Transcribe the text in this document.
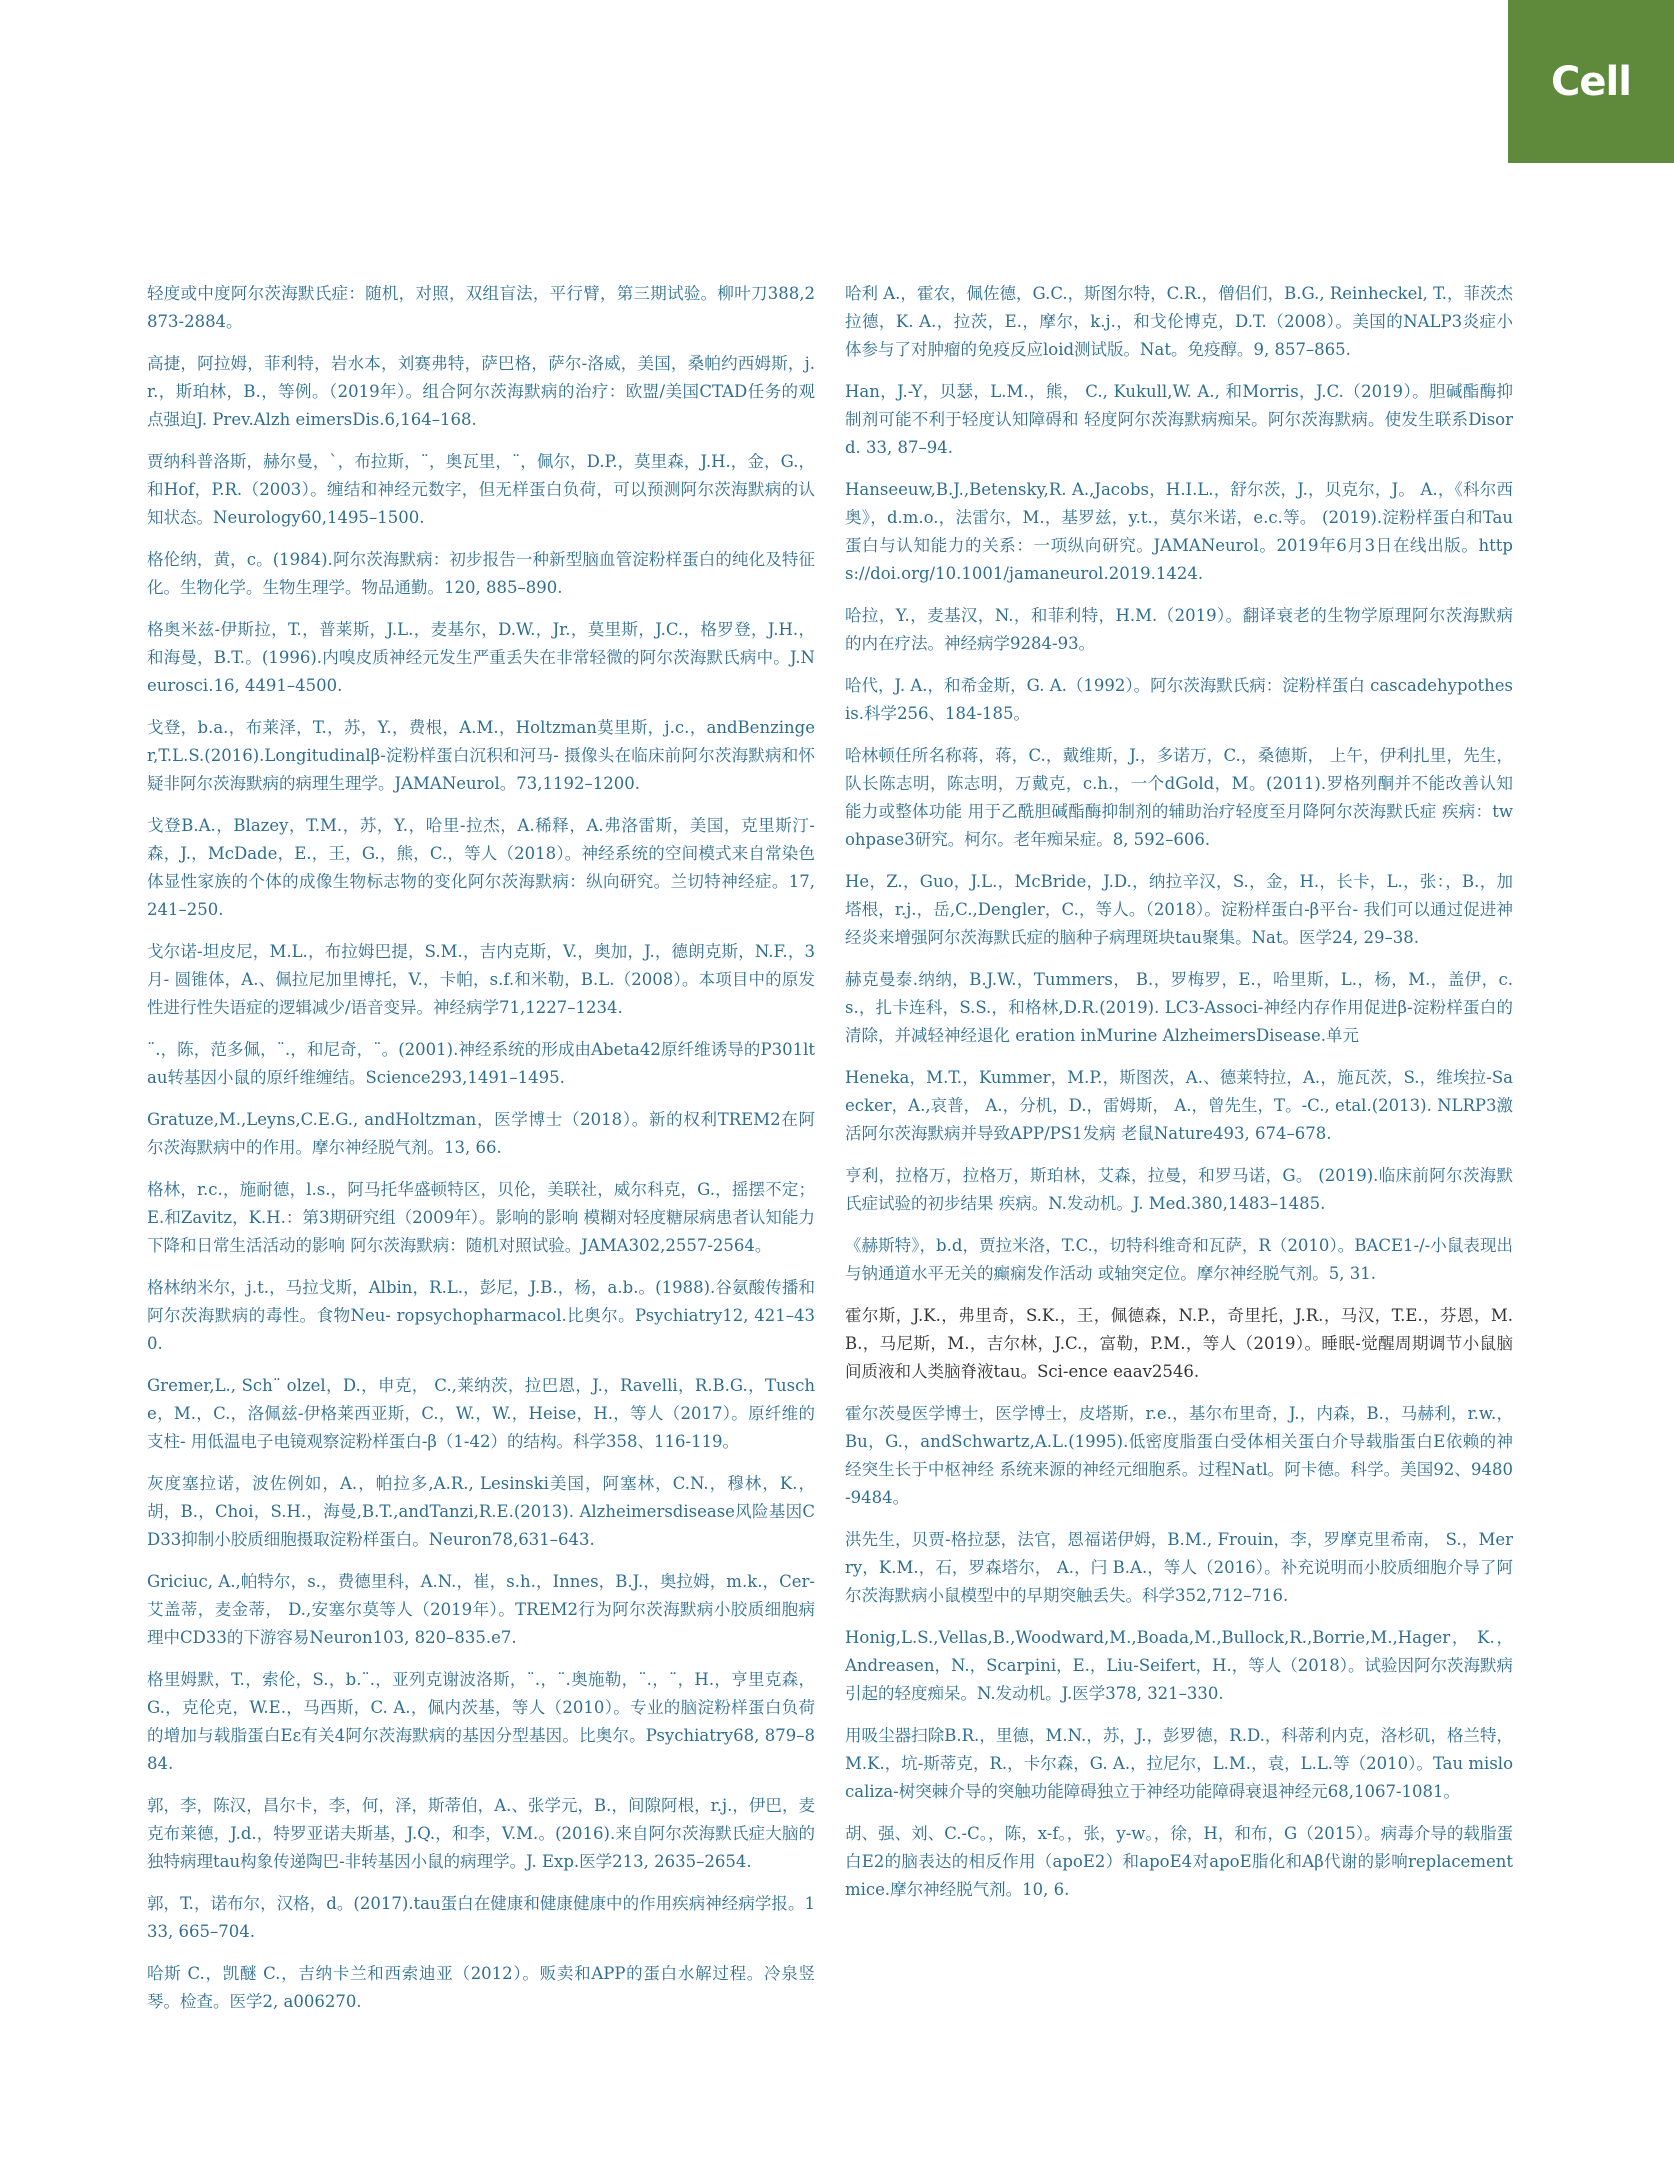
Cell

轻度或中度阿尔茨海默氏症：随机，对照，双组盲法，平行臂，第三期试验。柳叶刀388,2873-2884。

高捷，阿拉姆，菲利特，岩水本，刘赛弗特，萨巴格，萨尔-洛威，美国，桑帕约西姆斯，j.r.，斯珀林，B.，等例。（2019年）。组合阿尔茨海默病的治疗：欧盟/美国CTAD任务的观点强迫J. Prev.Alzh eimersDis.6,164–168.

贾纳科普洛斯，赫尔曼，ˋ，布拉斯，¨，奥瓦里，¨，佩尔，D.P.，莫里森，J.H.，金，G.，和Hof，P.R.（2003）。缠结和神经元数字，但无样蛋白负荷，可以预测阿尔茨海默病的认知状态。Neurology60,1495–1500.

格伦纳，黄，c。(1984).阿尔茨海默病：初步报告一种新型脑血管淀粉样蛋白的纯化及特征化。生物化学。生物生理学。物品通勤。120, 885–890.

格奥米兹-伊斯拉，T.，普莱斯，J.L.，麦基尔，D.W.，Jr.，莫里斯，J.C.，格罗登，J.H.，和海曼，B.T.。(1996).内嗅皮质神经元发生严重丢失在非常轻微的阿尔茨海默氏病中。J.Neurosci.16, 4491–4500.

戈登，b.a.，布莱泽，T.，苏，Y.，费根，A.M.，Holtzman莫里斯，j.c.，andBenzinger,T.L.S.(2016).Longitudinalβ-淀粉样蛋白沉积和河马- 摄像头在临床前阿尔茨海默病和怀疑非阿尔茨海默病的病理生理学。JAMANeurol。73,1192–1200.

戈登B.A.，Blazey，T.M.，苏，Y.，哈里-拉杰，A.稀释，A.弗洛雷斯，美国，克里斯汀-森，J.，McDade，E.，王，G.，熊，C.，等人（2018）。神经系统的空间模式来自常染色体显性家族的个体的成像生物标志物的变化阿尔茨海默病：纵向研究。兰切特神经症。17, 241–250.

戈尔诺-坦皮尼，M.L.，布拉姆巴提，S.M.，吉内克斯，V.，奥加，J.，德朗克斯，N.F.，3月- 圆锥体，A.、佩拉尼加里博托，V.，卡帕，s.f.和米勒，B.L.（2008）。本项目中的原发性进行性失语症的逻辑减少/语音变异。神经病学71,1227–1234.

¨.，陈，范多佩，¨.，和尼奇，¨。(2001).神经系统的形成由Abeta42原纤维诱导的P301ltau转基因小鼠的原纤维缠结。Science293,1491–1495.

Gratuze,M.,Leyns,C.E.G., andHoltzman，医学博士（2018）。新的权利TREM2在阿尔茨海默病中的作用。摩尔神经脱气剂。13, 66.

格林，r.c.，施耐德，l.s.，阿马托华盛顿特区，贝伦，美联社，威尔科克，G.，摇摆不定； E.和Zavitz，K.H.：第3期研究组（2009年）。影响的影响 模糊对轻度糖尿病患者认知能力下降和日常生活活动的影响 阿尔茨海默病：随机对照试验。JAMA302,2557-2564。

格林纳米尔，j.t.，马拉戈斯，Albin，R.L.，彭尼，J.B.，杨，a.b.。(1988).谷氨酸传播和阿尔茨海默病的毒性。食物Neu- ropsychopharmacol.比奥尔。Psychiatry12, 421–430.

Gremer,L., Sch¨ olzel，D.，申克， C.,莱纳茨，拉巴恩，J.，Ravelli，R.B.G.，Tusche，M.，C.，洛佩兹-伊格莱西亚斯，C.，W.，W.，Heise，H.，等人（2017）。原纤维的支柱- 用低温电子电镜观察淀粉样蛋白-β（1-42）的结构。科学358、116-119。

灰度塞拉诺，波佐例如，A.，帕拉多,A.R., Lesinski美国，阿塞林，C.N.，穆林，K.，胡，B.，Choi，S.H.，海曼,B.T.,andTanzi,R.E.(2013). Alzheimersdisease风险基因CD33抑制小胶质细胞摄取淀粉样蛋白。Neuron78,631–643.

Griciuc, A.,帕特尔，s.，费德里科，A.N.，崔，s.h.，Innes，B.J.，奥拉姆，m.k.，Cer-艾盖蒂，麦金蒂， D.,安塞尔莫等人（2019年）。TREM2行为阿尔茨海默病小胶质细胞病理中CD33的下游容易Neuron103, 820–835.e7.

格里姆默，T.，索伦，S.，b.¨.，亚列克谢波洛斯，¨.，¨.奥施勒，¨.，¨，H.，亨里克森，G.，克伦克，W.E.，马西斯，C. A.，佩内茨基，等人（2010）。专业的脑淀粉样蛋白负荷的增加与载脂蛋白Eε有关4阿尔茨海默病的基因分型基因。比奥尔。Psychiatry68, 879–884.

郭，李，陈汉，昌尔卡，李，何，泽，斯蒂伯，A.、张学元，B.，间隙阿根，r.j.，伊巴，麦克布莱德，J.d.，特罗亚诺夫斯基，J.Q.，和李，V.M.。(2016).来自阿尔茨海默氏症大脑的独特病理tau构象传递陶巴-非转基因小鼠的病理学。J. Exp.医学213, 2635–2654.

郭，T.，诺布尔，汉格，d。(2017).tau蛋白在健康和健康健康中的作用疾病神经病学报。133, 665–704.

哈斯 C.，凯醚 C.，吉纳卡兰和西索迪亚（2012）。贩卖和APP的蛋白水解过程。冷泉竖琴。检查。医学2, a006270.

哈利 A.，霍农，佩佐德，G.C.，斯图尔特，C.R.，僧侣们，B.G., Reinheckel, T.，菲茨杰拉德，K. A.，拉茨，E.，摩尔，k.j.，和戈伦博克，D.T.（2008）。美国的NALP3炎症小体参与了对肿瘤的免疫反应loid测试版。Nat。免疫醇。9, 857–865.

Han，J.-Y，贝瑟，L.M.，熊， C., Kukull,W. A., 和Morris，J.C.（2019）。胆碱酯酶抑制剂可能不利于轻度认知障碍和 轻度阿尔茨海默病痴呆。阿尔茨海默病。使发生联系Disord. 33, 87–94.

Hanseeuw,B.J.,Betensky,R. A.,Jacobs，H.I.L.，舒尔茨，J.，贝克尔，J。 A.，《科尔西奥》，d.m.o.，法雷尔，M.，基罗兹，y.t.，莫尔米诺，e.c.等。 (2019).淀粉样蛋白和Tau蛋白与认知能力的关系：一项纵向研究。JAMANeurol。2019年6月3日在线出版。https://doi.org/10.1001/jamaneurol.2019.1424.

哈拉，Y.，麦基汉，N.，和菲利特，H.M.（2019）。翻译衰老的生物学原理阿尔茨海默病的内在疗法。神经病学9284-93。

哈代，J. A.，和希金斯，G. A.（1992）。阿尔茨海默氏病：淀粉样蛋白 cascadehypothesis.科学256、184-185。

哈林顿任所名称蒋，蒋，C.，戴维斯，J.，多诺万，C.，桑德斯， 上午，伊利扎里，先生，队长陈志明，陈志明，万戴克，c.h.，一个dGold，M。(2011).罗格列酮并不能改善认知能力或整体功能 用于乙酰胆碱酯酶抑制剂的辅助治疗轻度至月降阿尔茨海默氏症 疾病：twohpase3研究。柯尔。老年痴呆症。8, 592–606.

He，Z.，Guo，J.L.，McBride，J.D.，纳拉辛汉，S.，金，H.，长卡，L.，张：，B.，加塔根，r.j.，岳,C.,Dengler，C.，等人。（2018）。淀粉样蛋白-β平台- 我们可以通过促进神经炎来增强阿尔茨海默氏症的脑种子病理斑块tau聚集。Nat。医学24, 29–38.

赫克曼泰.纳纳，B.J.W.，Tummers， B.，罗梅罗，E.，哈里斯，L.，杨，M.，盖伊，c.s.，扎卡连科，S.S.，和格林,D.R.(2019). LC3-Associ-神经内存作用促进β-淀粉样蛋白的清除，并减轻神经退化 eration inMurine AlzheimersDisease.单元

Heneka，M.T.，Kummer，M.P.，斯图茨，A.、德莱特拉，A.，施瓦茨，S.，维埃拉-Saecker，A.,哀普， A.，分机，D.，雷姆斯， A.，曾先生，T。-C., etal.(2013). NLRP3激活阿尔茨海默病并导致APP/PS1发病 老鼠Nature493, 674–678.

亨利，拉格万，拉格万，斯珀林，艾森，拉曼，和罗马诺，G。 (2019).临床前阿尔茨海默氏症试验的初步结果 疾病。N.发动机。J. Med.380,1483–1485.

《赫斯特》，b.d，贾拉米洛，T.C.，切特科维奇和瓦萨，R（2010）。BACE1-/-小鼠表现出与钠通道水平无关的癫痫发作活动 或轴突定位。摩尔神经脱气剂。5, 31.

霍尔斯，J.K.，弗里奇，S.K.，王，佩德森，N.P.，奇里托，J.R.，马汉，T.E.，芬恩，M.B.，马尼斯，M.，吉尔林，J.C.，富勒，P.M.，等人（2019）。睡眠-觉醒周期调节小鼠脑间质液和人类脑脊液tau。Sci-ence eaav2546.

霍尔茨曼医学博士，医学博士，皮塔斯，r.e.，基尔布里奇，J.，内森，B.，马赫利，r.w.，Bu，G.，andSchwartz,A.L.(1995).低密度脂蛋白受体相关蛋白介导载脂蛋白E依赖的神经突生长于中枢神经 系统来源的神经元细胞系。过程Natl。阿卡德。科学。美国92、9480-9484。

洪先生，贝贾-格拉瑟，法官，恩福诺伊姆，B.M., Frouin，李，罗摩克里希南， S.，Merry，K.M.，石，罗森塔尔， A.，闩 B.A.，等人（2016）。补充说明而小胶质细胞介导了阿尔茨海默病小鼠模型中的早期突触丢失。科学352,712–716.

Honig,L.S.,Vellas,B.,Woodward,M.,Boada,M.,Bullock,R.,Borrie,M.,Hager， K.，Andreasen，N.，Scarpini，E.，Liu-Seifert，H.，等人（2018）。试验因阿尔茨海默病引起的轻度痴呆。N.发动机。J.医学378, 321–330.

用吸尘器扫除B.R.，里德，M.N.，苏，J.，彭罗德，R.D.，科蒂利内克，洛杉矶，格兰特，M.K.，坑-斯蒂克，R.，卡尔森，G. A.，拉尼尔，L.M.，袁，L.L.等（2010）。Tau mislocaliza-树突棘介导的突触功能障碍独立于神经功能障碍衰退神经元68,1067-1081。

胡、强、刘、C.-C。，陈，x-f。，张，y-w。，徐，H，和布，G（2015）。病毒介导的载脂蛋白E2的脑表达的相反作用（apoE2）和apoE4对apoE脂化和Aβ代谢的影响replacementmice.摩尔神经脱气剂。10, 6.
